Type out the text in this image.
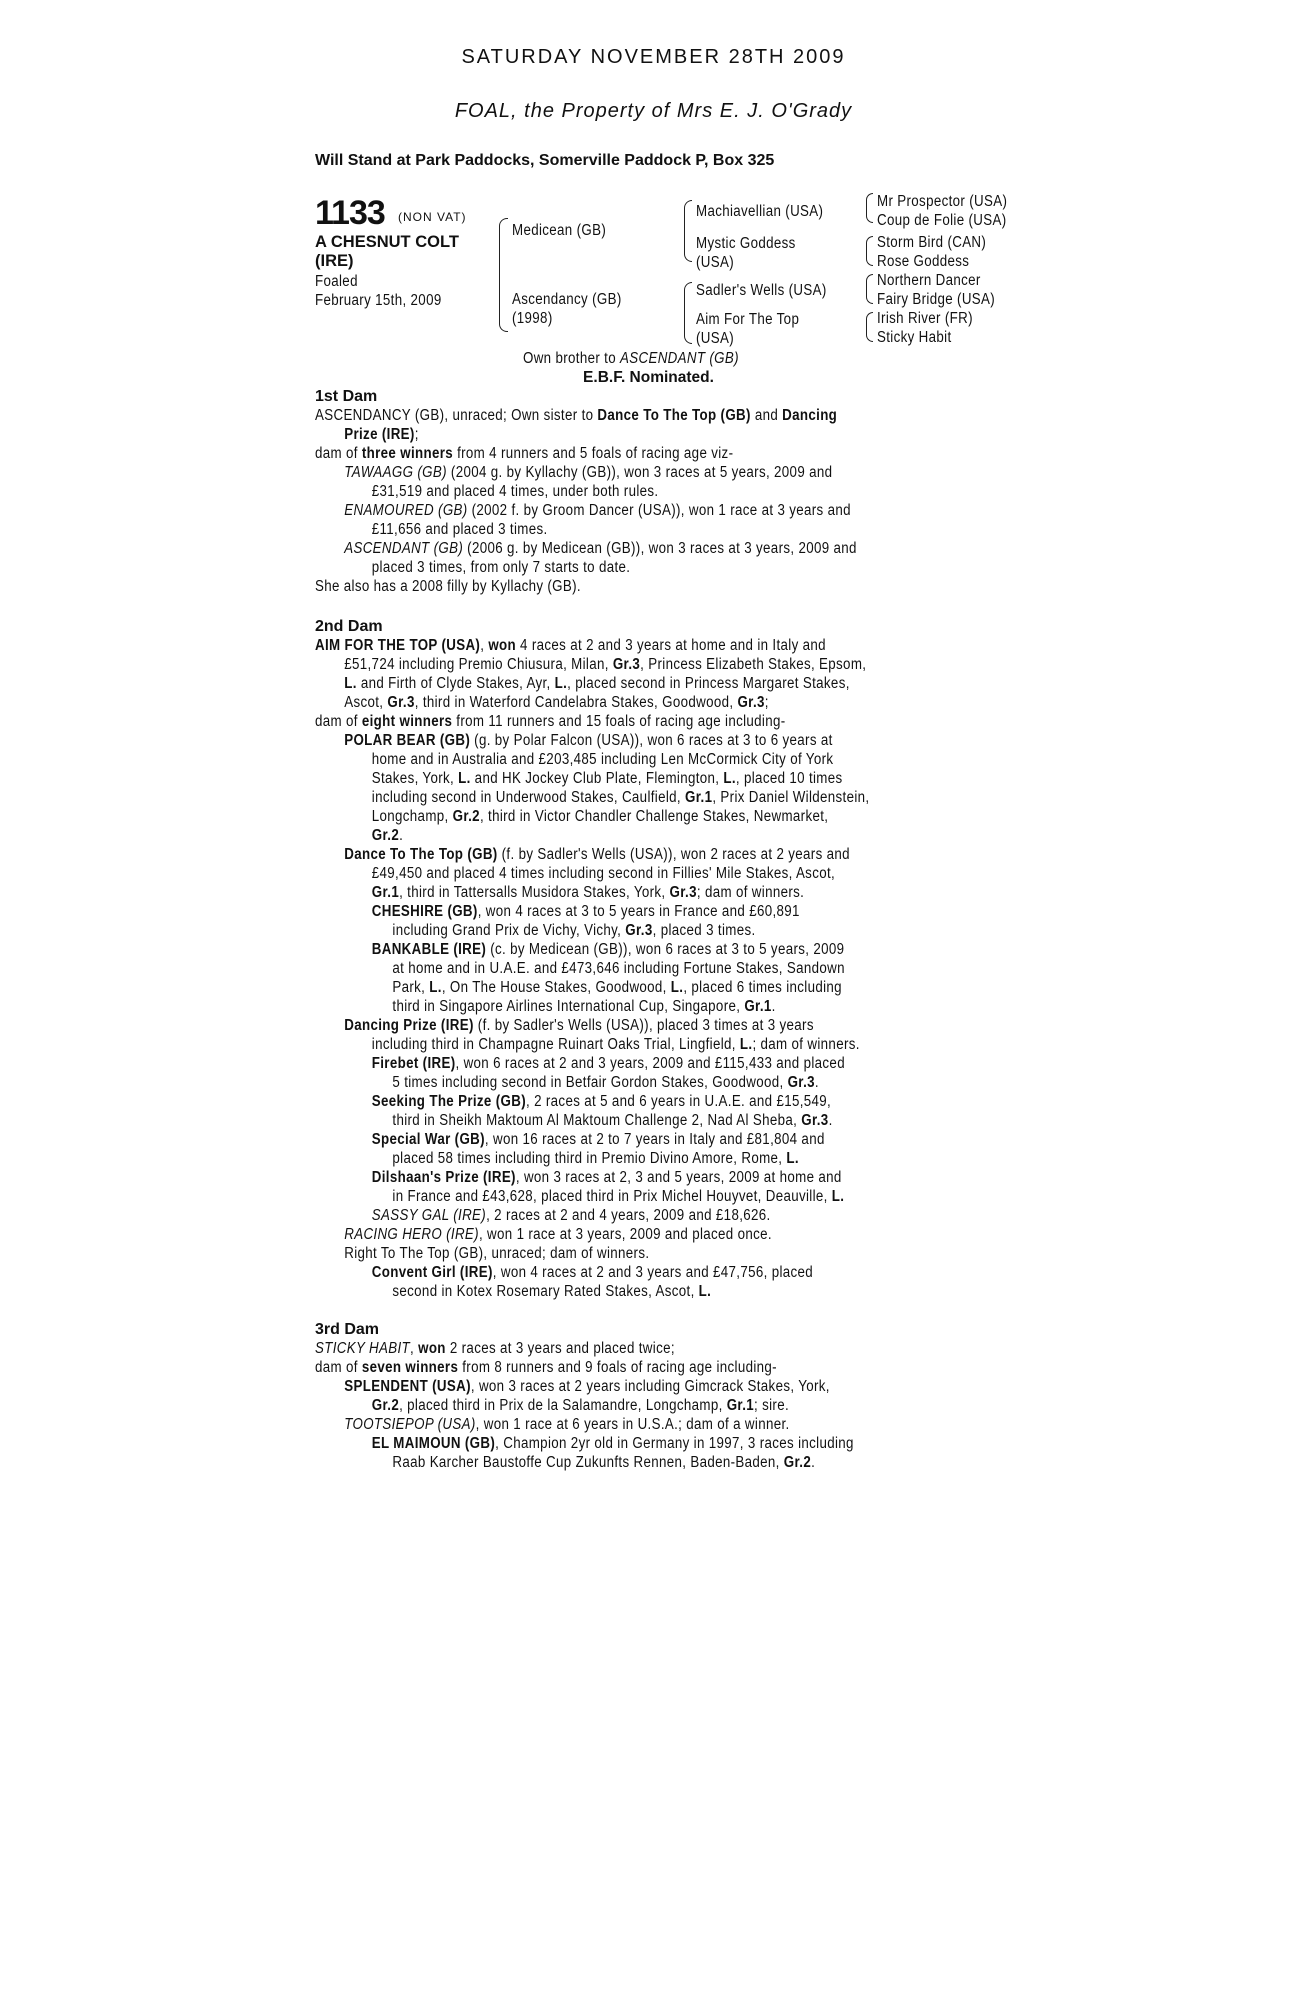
SATURDAY NOVEMBER 28TH 2009
FOAL, the Property of Mrs E. J. O'Grady
Will Stand at Park Paddocks, Somerville Paddock P, Box 325
1133 (NON VAT)
A CHESNUT COLT
(IRE)
Foaled
February 15th, 2009
Medicean (GB)
Ascendancy (GB)
(1998)
Machiavellian (USA)
Mystic Goddess
(USA)
Sadler's Wells (USA)
Aim For The Top
(USA)
Mr Prospector (USA)
Coup de Folie (USA)
Storm Bird (CAN)
Rose Goddess
Northern Dancer
Fairy Bridge (USA)
Irish River (FR)
Sticky Habit
Own brother to ASCENDANT (GB)
E.B.F. Nominated.
1st Dam
ASCENDANCY (GB), unraced; Own sister to Dance To The Top (GB) and Dancing
Prize (IRE);
dam of three winners from 4 runners and 5 foals of racing age viz-
TAWAAGG (GB) (2004 g. by Kyllachy (GB)), won 3 races at 5 years, 2009 and
£31,519 and placed 4 times, under both rules.
ENAMOURED (GB) (2002 f. by Groom Dancer (USA)), won 1 race at 3 years and
£11,656 and placed 3 times.
ASCENDANT (GB) (2006 g. by Medicean (GB)), won 3 races at 3 years, 2009 and
placed 3 times, from only 7 starts to date.
She also has a 2008 filly by Kyllachy (GB).
2nd Dam
AIM FOR THE TOP (USA), won 4 races at 2 and 3 years at home and in Italy and
£51,724 including Premio Chiusura, Milan, Gr.3, Princess Elizabeth Stakes, Epsom,
L. and Firth of Clyde Stakes, Ayr, L., placed second in Princess Margaret Stakes,
Ascot, Gr.3, third in Waterford Candelabra Stakes, Goodwood, Gr.3;
dam of eight winners from 11 runners and 15 foals of racing age including-
POLAR BEAR (GB) (g. by Polar Falcon (USA)), won 6 races at 3 to 6 years at
home and in Australia and £203,485 including Len McCormick City of York
Stakes, York, L. and HK Jockey Club Plate, Flemington, L., placed 10 times
including second in Underwood Stakes, Caulfield, Gr.1, Prix Daniel Wildenstein,
Longchamp, Gr.2, third in Victor Chandler Challenge Stakes, Newmarket,
Gr.2.
Dance To The Top (GB) (f. by Sadler's Wells (USA)), won 2 races at 2 years and
£49,450 and placed 4 times including second in Fillies' Mile Stakes, Ascot,
Gr.1, third in Tattersalls Musidora Stakes, York, Gr.3; dam of winners.
CHESHIRE (GB), won 4 races at 3 to 5 years in France and £60,891
including Grand Prix de Vichy, Vichy, Gr.3, placed 3 times.
BANKABLE (IRE) (c. by Medicean (GB)), won 6 races at 3 to 5 years, 2009
at home and in U.A.E. and £473,646 including Fortune Stakes, Sandown
Park, L., On The House Stakes, Goodwood, L., placed 6 times including
third in Singapore Airlines International Cup, Singapore, Gr.1.
Dancing Prize (IRE) (f. by Sadler's Wells (USA)), placed 3 times at 3 years
including third in Champagne Ruinart Oaks Trial, Lingfield, L.; dam of winners.
Firebet (IRE), won 6 races at 2 and 3 years, 2009 and £115,433 and placed
5 times including second in Betfair Gordon Stakes, Goodwood, Gr.3.
Seeking The Prize (GB), 2 races at 5 and 6 years in U.A.E. and £15,549,
third in Sheikh Maktoum Al Maktoum Challenge 2, Nad Al Sheba, Gr.3.
Special War (GB), won 16 races at 2 to 7 years in Italy and £81,804 and
placed 58 times including third in Premio Divino Amore, Rome, L.
Dilshaan's Prize (IRE), won 3 races at 2, 3 and 5 years, 2009 at home and
in France and £43,628, placed third in Prix Michel Houyvet, Deauville, L.
SASSY GAL (IRE), 2 races at 2 and 4 years, 2009 and £18,626.
RACING HERO (IRE), won 1 race at 3 years, 2009 and placed once.
Right To The Top (GB), unraced; dam of winners.
Convent Girl (IRE), won 4 races at 2 and 3 years and £47,756, placed
second in Kotex Rosemary Rated Stakes, Ascot, L.
3rd Dam
STICKY HABIT, won 2 races at 3 years and placed twice;
dam of seven winners from 8 runners and 9 foals of racing age including-
SPLENDENT (USA), won 3 races at 2 years including Gimcrack Stakes, York,
Gr.2, placed third in Prix de la Salamandre, Longchamp, Gr.1; sire.
TOOTSIEPOP (USA), won 1 race at 6 years in U.S.A.; dam of a winner.
EL MAIMOUN (GB), Champion 2yr old in Germany in 1997, 3 races including
Raab Karcher Baustoffe Cup Zukunfts Rennen, Baden-Baden, Gr.2.
